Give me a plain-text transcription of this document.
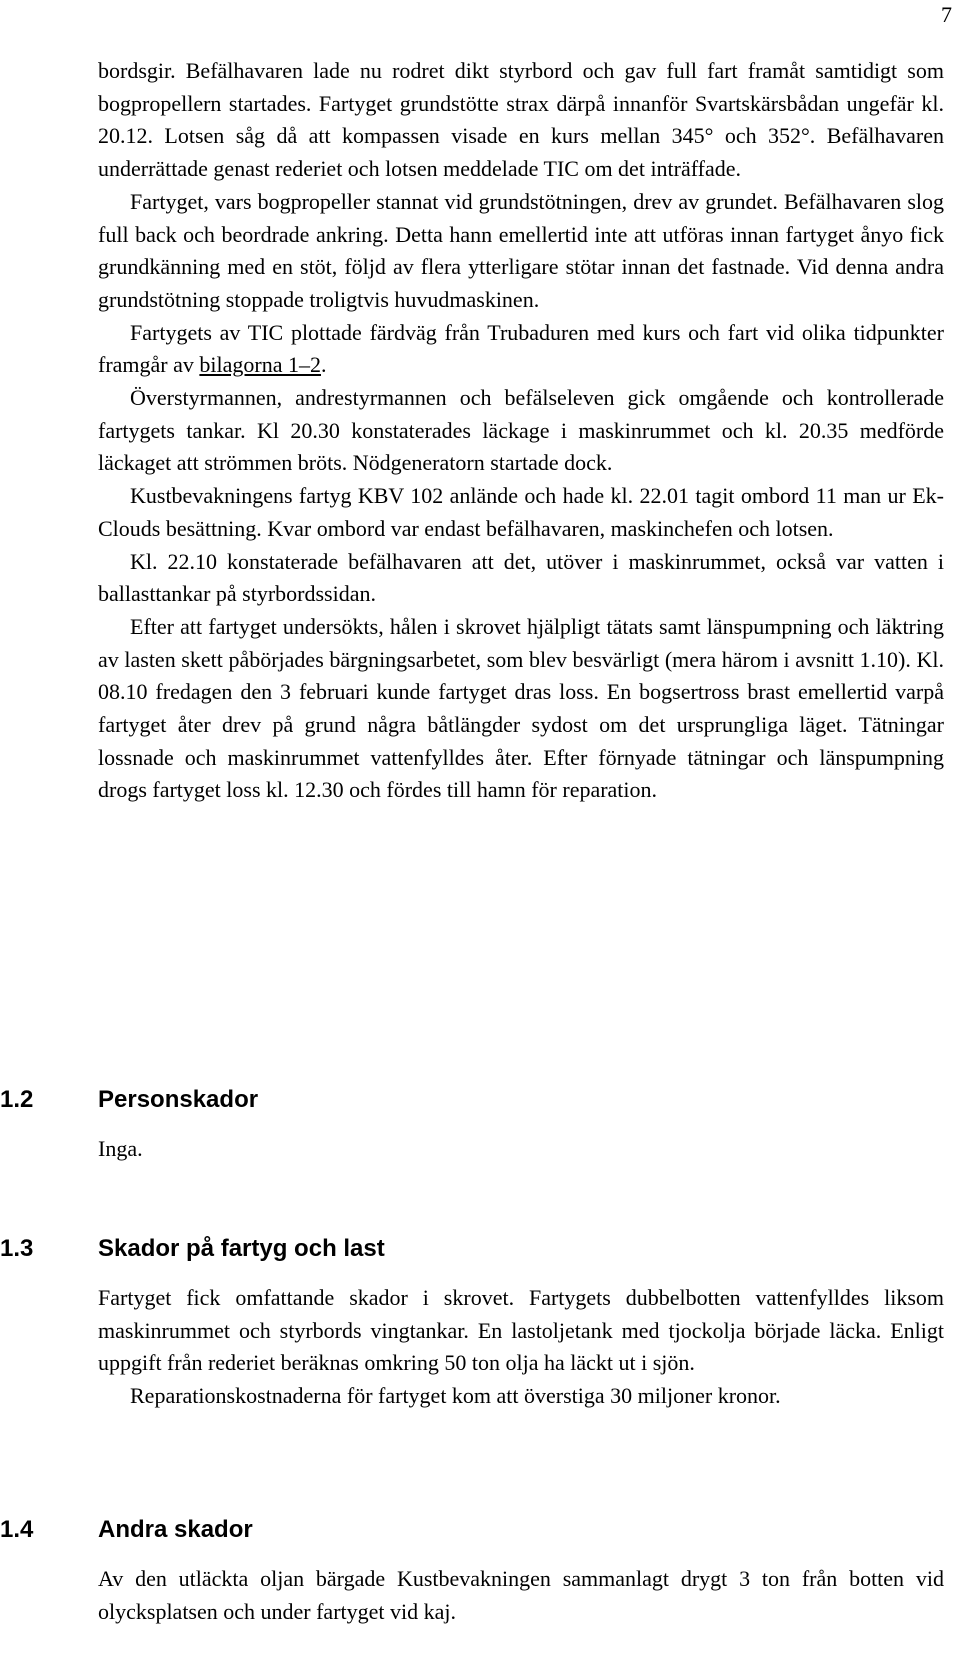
7

bordsgir. Befälhavaren lade nu rodret dikt styrbord och gav full fart framåt samtidigt som bogpropellern startades. Fartyget grundstötte strax därpå innanför Svartskärsbådan ungefär kl. 20.12. Lotsen såg då att kompassen visade en kurs mellan 345° och 352°. Befälhavaren underrättade genast rederiet och lotsen meddelade TIC om det inträffade.

Fartyget, vars bogpropeller stannat vid grundstötningen, drev av grundet. Befälhavaren slog full back och beordrade ankring. Detta hann emellertid inte att utföras innan fartyget ånyo fick grundkänning med en stöt, följd av flera ytterligare stötar innan det fastnade. Vid denna andra grundstötning stoppade troligtvis huvudmaskinen.

Fartygets av TIC plottade färdväg från Trubaduren med kurs och fart vid olika tidpunkter framgår av bilagorna 1–2.

Överstyrmannen, andrestyrmannen och befälseleven gick omgående och kontrollerade fartygets tankar. Kl 20.30 konstaterades läckage i maskinrummet och kl. 20.35 medförde läckaget att strömmen bröts. Nödgeneratorn startade dock.

Kustbevakningens fartyg KBV 102 anlände och hade kl. 22.01 tagit ombord 11 man ur Ek-Clouds besättning. Kvar ombord var endast befälhavaren, maskinchefen och lotsen.

Kl. 22.10 konstaterade befälhavaren att det, utöver i maskinrummet, också var vatten i ballasttankar på styrbordssidan.

Efter att fartyget undersökts, hålen i skrovet hjälpligt tätats samt länspumpning och läktring av lasten skett påbörjades bärgningsarbetet, som blev besvärligt (mera härom i avsnitt 1.10). Kl. 08.10 fredagen den 3 februari kunde fartyget dras loss. En bogsertross brast emellertid varpå fartyget åter drev på grund några båtlängder sydost om det ursprungliga läget. Tätningar lossnade och maskinrummet vattenfylldes åter. Efter förnyade tätningar och länspumpning drogs fartyget loss kl. 12.30 och fördes till hamn för reparation.

1.2	Personskador

Inga.

1.3	Skador på fartyg och last

Fartyget fick omfattande skador i skrovet. Fartygets dubbelbotten vattenfylldes liksom maskinrummet och styrbords vingtankar. En lastoljetank med tjockolja började läcka. Enligt uppgift från rederiet beräknas omkring 50 ton olja ha läckt ut i sjön.

Reparationskostnaderna för fartyget kom att överstiga 30 miljoner kronor.

1.4	Andra skador

Av den utläckta oljan bärgade Kustbevakningen sammanlagt drygt 3 ton från botten vid olycksplatsen och under fartyget vid kaj.
